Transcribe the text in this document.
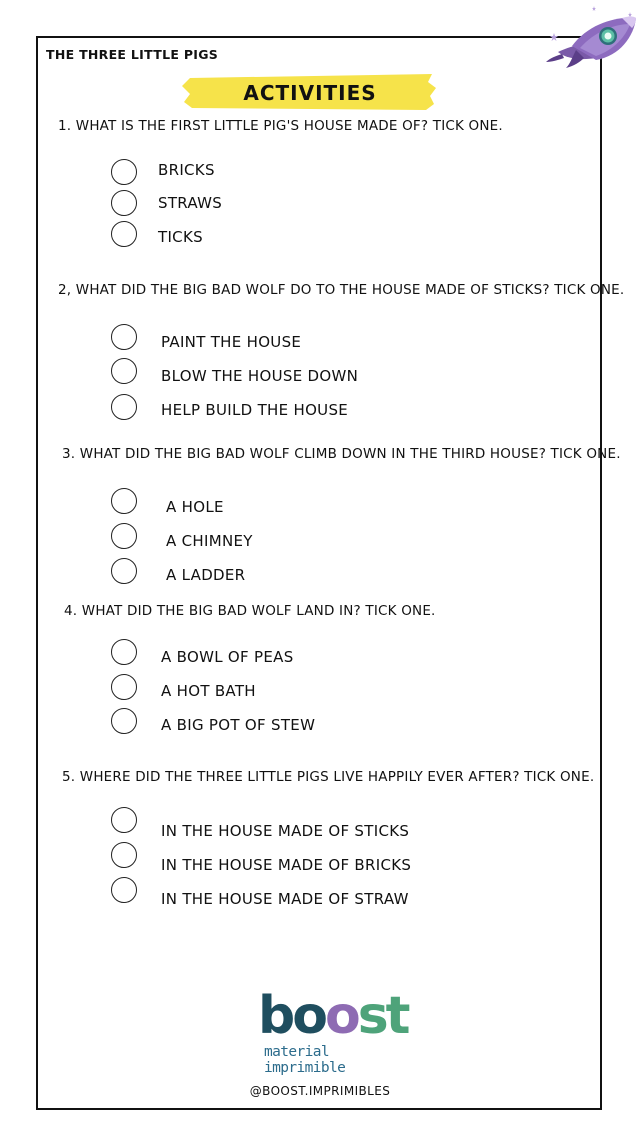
THE THREE LITTLE PIGS
ACTIVITIES
1. WHAT IS THE FIRST LITTLE PIG'S HOUSE MADE OF? TICK ONE.
BRICKS
STRAWS
TICKS
2, WHAT DID THE BIG BAD WOLF DO TO THE HOUSE MADE OF STICKS? TICK ONE.
PAINT THE HOUSE
BLOW THE HOUSE DOWN
HELP BUILD THE HOUSE
3. WHAT DID THE BIG BAD WOLF CLIMB DOWN IN THE THIRD HOUSE? TICK ONE.
A HOLE
A CHIMNEY
A LADDER
4. WHAT DID THE BIG BAD WOLF LAND IN? TICK ONE.
A BOWL OF PEAS
A HOT BATH
A BIG POT OF STEW
5. WHERE DID THE THREE LITTLE PIGS LIVE HAPPILY EVER AFTER? TICK ONE.
IN THE HOUSE MADE OF STICKS
IN THE HOUSE MADE OF BRICKS
IN THE HOUSE MADE OF STRAW
boost
material imprimible
@BOOST.IMPRIMIBLES
